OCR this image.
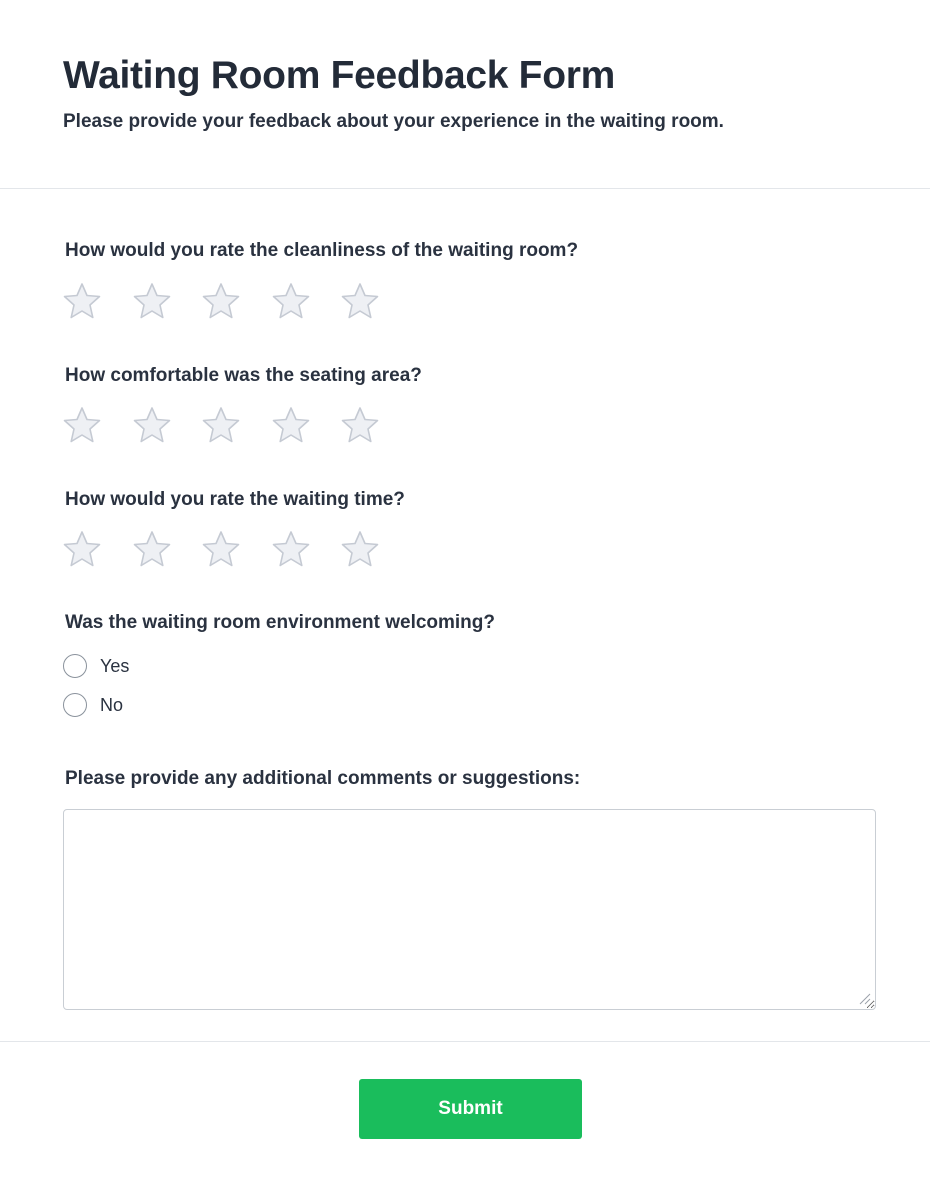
Waiting Room Feedback Form

Please provide your feedback about your experience in the waiting room.

How would you rate the cleanliness of the waiting room?
How comfortable was the seating area?
How would you rate the waiting time?
Was the waiting room environment welcoming?
Yes
No
Please provide any additional comments or suggestions:
Submit
